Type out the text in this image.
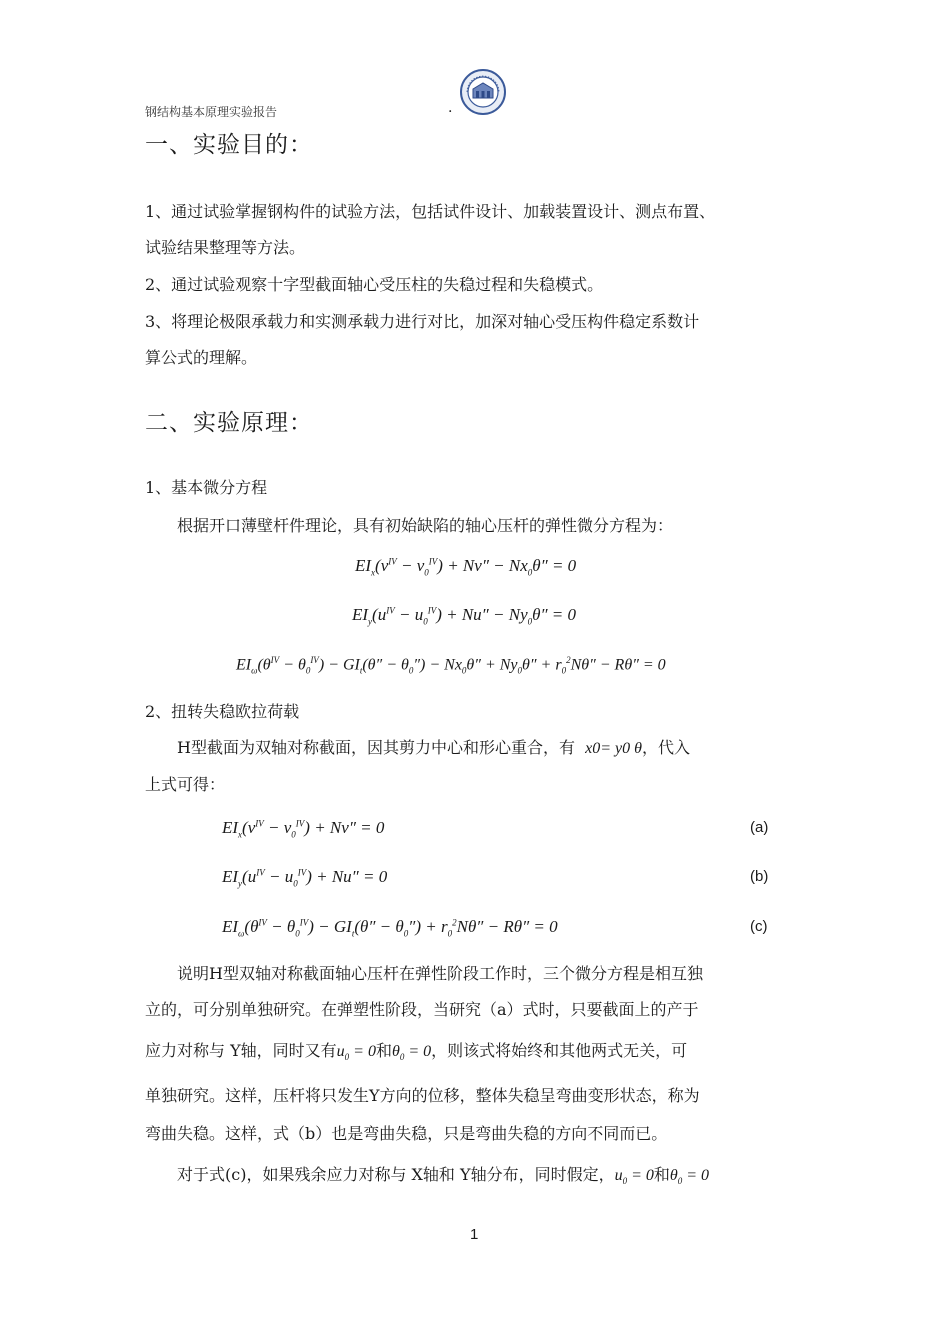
钢结构基本原理实验报告	.
一、实验目的：
1、通过试验掌握钢构件的试验方法，包括试件设计、加载装置设计、测点布置、
试验结果整理等方法。
2、通过试验观察十字型截面轴心受压柱的失稳过程和失稳模式。
3、将理论极限承载力和实测承载力进行对比，加深对轴心受压构件稳定系数计
算公式的理解。
二、实验原理：
1、基本微分方程
根据开口薄壁杆件理论，具有初始缺陷的轴心压杆的弹性微分方程为：
$EI_x(v^{IV} - v_0^{IV}) + Nv'' - Nx_0\theta'' = 0$
$EI_y(u^{IV} - u_0^{IV}) + Nu'' - Ny_0\theta'' = 0$
$EI_\omega(\theta^{IV} - \theta_0^{IV}) - GI_t(\theta'' - \theta_0'') - Nx_0\theta'' + Ny_0\theta'' + r_0^2N\theta'' - R\theta'' = 0$
2、扭转失稳欧拉荷载
H型截面为双轴对称截面，因其剪力中心和形心重合，有 x0= y0 θ，代入
上式可得：
$EI_x(v^{IV} - v_0^{IV}) + Nv'' = 0$	(a)
$EI_y(u^{IV} - u_0^{IV}) + Nu'' = 0$	(b)
$EI_\omega(\theta^{IV} - \theta_0^{IV}) - GI_t(\theta'' - \theta_0'') + r_0^2N\theta'' - R\theta'' = 0$	(c)
说明H型双轴对称截面轴心压杆在弹性阶段工作时，三个微分方程是相互独
立的，可分别单独研究。在弹塑性阶段，当研究（a）式时，只要截面上的产于
应力对称与 Y轴，同时又有$u_0 = 0$和$\theta_0 = 0$，则该式将始终和其他两式无关，可
单独研究。这样，压杆将只发生Y方向的位移，整体失稳呈弯曲变形状态，称为
弯曲失稳。这样，式（b）也是弯曲失稳，只是弯曲失稳的方向不同而已。
对于式(c)，如果残余应力对称与 X轴和 Y轴分布，同时假定，$u_0 = 0$和$\theta_0 = 0$
1
